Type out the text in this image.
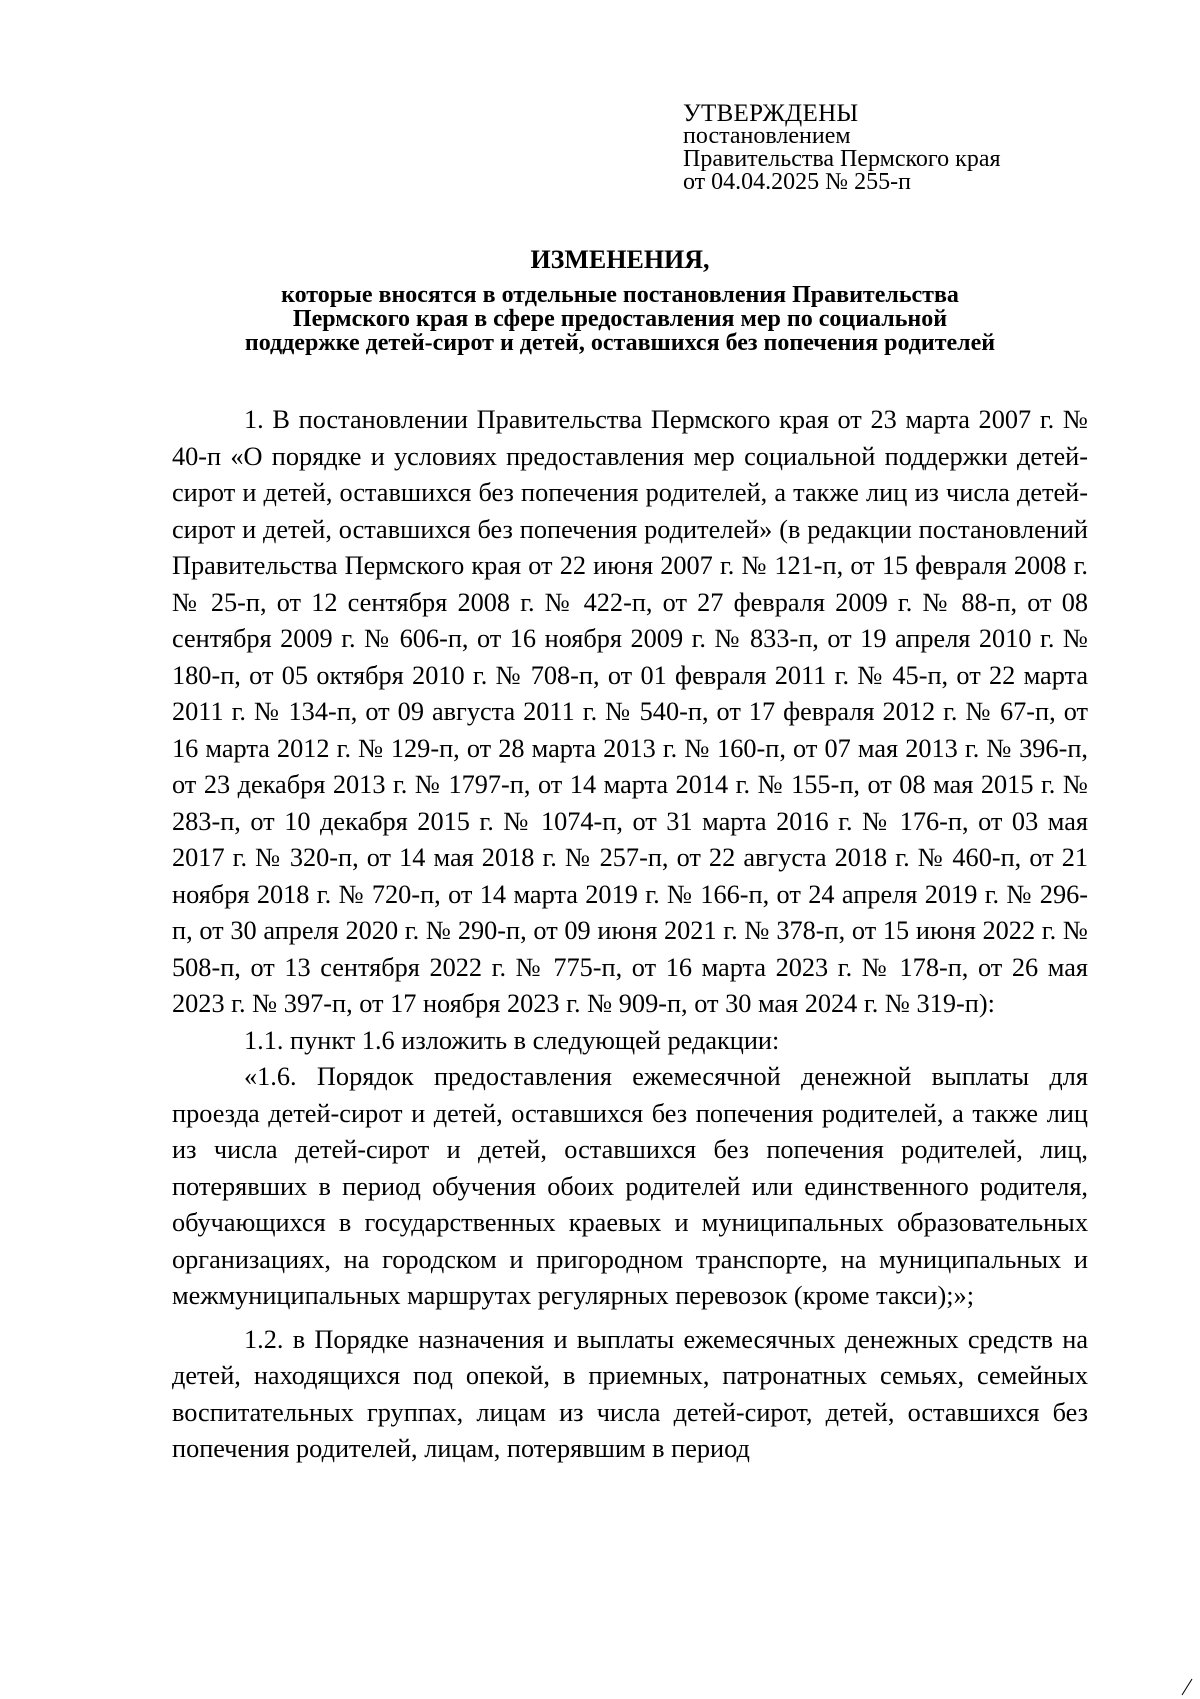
УТВЕРЖДЕНЫ
постановлением
Правительства Пермского края
от 04.04.2025 № 255-п
ИЗМЕНЕНИЯ,
которые вносятся в отдельные постановления Правительства
Пермского края в сфере предоставления мер по социальной
поддержке детей-сирот и детей, оставшихся без попечения родителей

1. В постановлении Правительства Пермского края от 23 марта 2007 г. № 40-п «О порядке и условиях предоставления мер социальной поддержки детей-сирот и детей, оставшихся без попечения родителей, а также лиц из числа детей-сирот и детей, оставшихся без попечения родителей» (в редакции постановлений Правительства Пермского края от 22 июня 2007 г. № 121-п, от 15 февраля 2008 г. № 25-п, от 12 сентября 2008 г. № 422-п, от 27 февраля 2009 г. № 88-п, от 08 сентября 2009 г. № 606-п, от 16 ноября 2009 г. № 833-п, от 19 апреля 2010 г. № 180-п, от 05 октября 2010 г. № 708-п, от 01 февраля 2011 г. № 45-п, от 22 марта 2011 г. № 134-п, от 09 августа 2011 г. № 540-п, от 17 февраля 2012 г. № 67-п, от 16 марта 2012 г. № 129-п, от 28 марта 2013 г. № 160-п, от 07 мая 2013 г. № 396-п, от 23 декабря 2013 г. № 1797-п, от 14 марта 2014 г. № 155-п, от 08 мая 2015 г. № 283-п, от 10 декабря 2015 г. № 1074-п, от 31 марта 2016 г. № 176-п, от 03 мая 2017 г. № 320-п, от 14 мая 2018 г. № 257-п, от 22 августа 2018 г. № 460-п, от 21 ноября 2018 г. № 720-п, от 14 марта 2019 г. № 166-п, от 24 апреля 2019 г. № 296-п, от 30 апреля 2020 г. № 290-п, от 09 июня 2021 г. № 378-п, от 15 июня 2022 г. № 508-п, от 13 сентября 2022 г. № 775-п, от 16 марта 2023 г. № 178-п, от 26 мая 2023 г. № 397-п, от 17 ноября 2023 г. № 909-п, от 30 мая 2024 г. № 319-п):

1.1. пункт 1.6 изложить в следующей редакции:

«1.6. Порядок предоставления ежемесячной денежной выплаты для проезда детей-сирот и детей, оставшихся без попечения родителей, а также лиц из числа детей-сирот и детей, оставшихся без попечения родителей, лиц, потерявших в период обучения обоих родителей или единственного родителя, обучающихся в государственных краевых и муниципальных образовательных организациях, на городском и пригородном транспорте, на муниципальных и межмуниципальных маршрутах регулярных перевозок (кроме такси);»;

1.2. в Порядке назначения и выплаты ежемесячных денежных средств на детей, находящихся под опекой, в приемных, патронатных семьях, семейных воспитательных группах, лицам из числа детей-сирот, детей, оставшихся без попечения родителей, лицам, потерявшим в период
